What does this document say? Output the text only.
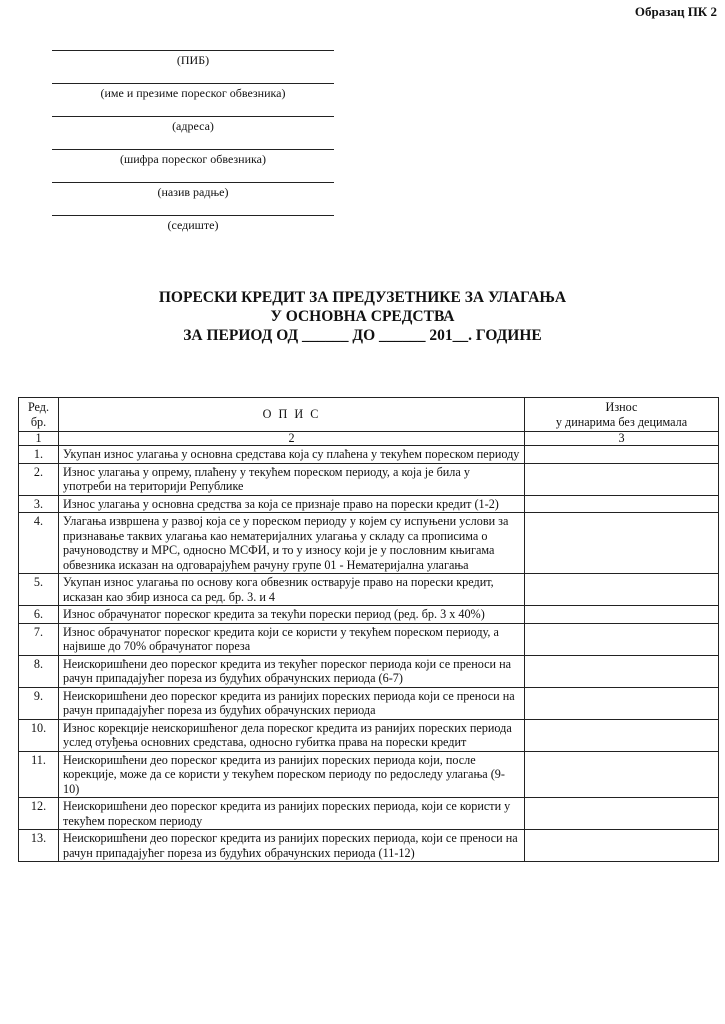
Образац ПК 2
(ПИБ)
(име и презиме пореског обвезника)
(адреса)
(шифра пореског обвезника)
(назив радње)
(седиште)
ПОРЕСКИ КРЕДИТ ЗА ПРЕДУЗЕТНИКЕ ЗА УЛАГАЊА
У ОСНОВНА СРЕДСТВА
ЗА ПЕРИОД ОД ______ ДО ______ 201__. ГОДИНЕ
Ред. бр.	О П И С	Износ
у динарима без децимала

1	2	3
1.	Укупан износ улагања у основна средстава која су плаћена у текућем пореском периоду	
2.	Износ улагања у опрему, плаћену у текућем пореском периоду, а која је била у употреби на територији Републике	
3.	Износ улагања у основна средства за која се признаје право на порески кредит (1-2)	
4.	Улагања извршена у развој која се у пореском периоду у којем су испуњени услови за признавање таквих улагања као нематеријалних улагања у складу са прописима о рачуноводству и МРС, односно МСФИ, и то у износу који је у пословним књигама обвезника исказан на одговарајућем рачуну групе 01 - Нематеријална улагања	
5.	Укупан износ улагања по основу кога обвезник остварује право на порески кредит, исказан као збир износа са ред. бр. 3. и 4	
6.	Износ обрачунатог пореског кредита за текући порески период (ред. бр. 3 x 40%)	
7.	Износ обрачунатог пореског кредита који се користи у текућем пореском периоду, а највише до 70% обрачунатог пореза	
8.	Неискоришћени део пореског кредита из текућег пореског периода који се преноси на рачун припадајућег пореза из будућих обрачунских периода (6-7)	
9.	Неискоришћени део пореског кредита из ранијих пореских периода који се преноси на рачун припадајућег пореза из будућих обрачунских периода	
10.	Износ корекције неискоришћеног дела пореског кредита из ранијих пореских периода услед отуђења основних средстава, односно губитка права на порески кредит	
11.	Неискоришћени део пореског кредита из ранијих пореских периода који, после корекције, може да се користи у текућем пореском периоду по редоследу улагања (9-10)	
12.	Неискоришћени део пореског кредита из ранијих пореских периода, који се користи у текућем пореском периоду	
13.	Неискоришћени део пореског кредита из ранијих пореских периода, који се преноси на рачун припадајућег пореза из будућих обрачунских периода (11-12)	
